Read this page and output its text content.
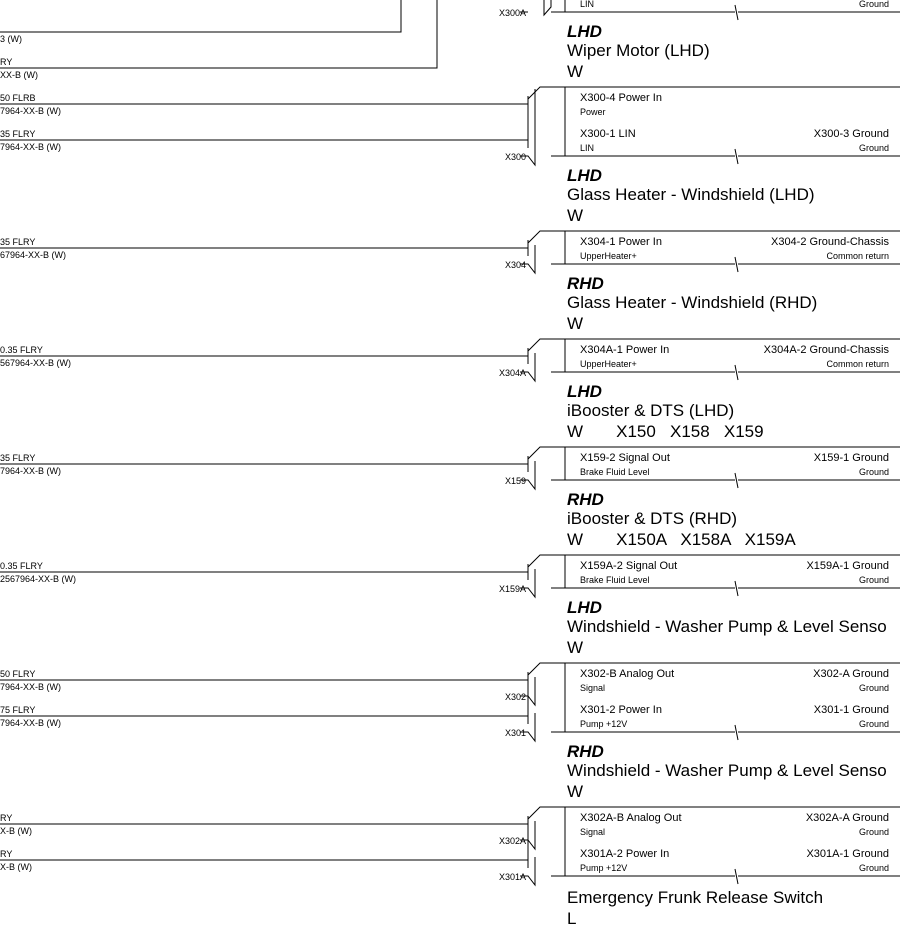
3 (W)
RY
XX-B (W)
50 FLRB
7964-XX-B (W)
35 FLRY
7964-XX-B (W)
35 FLRY
67964-XX-B (W)
0.35 FLRY
567964-XX-B (W)
35 FLRY
7964-XX-B (W)
0.35 FLRY
2567964-XX-B (W)
50 FLRY
7964-XX-B (W)
75 FLRY
7964-XX-B (W)
RY
X-B (W)
RY
X-B (W)
X300A
X300
X304
X304A
X159
X159A
X302
X301
X302A
X301A
LIN	Ground
LHD
Wiper Motor (LHD)
W
X300-4 Power In
Power
X300-1 LIN
LIN
X300-3 Ground
Ground
LHD
Glass Heater - Windshield (LHD)
W
X304-1 Power In
UpperHeater+
X304-2 Ground-Chassis
Common return
RHD
Glass Heater - Windshield (RHD)
W
X304A-1 Power In
UpperHeater+
X304A-2 Ground-Chassis
Common return
LHD
iBooster & DTS (LHD)
W       X150   X158   X159
X159-2 Signal Out
Brake Fluid Level
X159-1 Ground
Ground
RHD
iBooster & DTS (RHD)
W       X150A   X158A   X159A
X159A-2 Signal Out
Brake Fluid Level
X159A-1 Ground
Ground
LHD
Windshield - Washer Pump & Level Senso
W
X302-B Analog Out
Signal
X302-A Ground
Ground
X301-2 Power In
Pump +12V
X301-1 Ground
Ground
RHD
Windshield - Washer Pump & Level Senso
W
X302A-B Analog Out
Signal
X302A-A Ground
Ground
X301A-2 Power In
Pump +12V
X301A-1 Ground
Ground
Emergency Frunk Release Switch
L
